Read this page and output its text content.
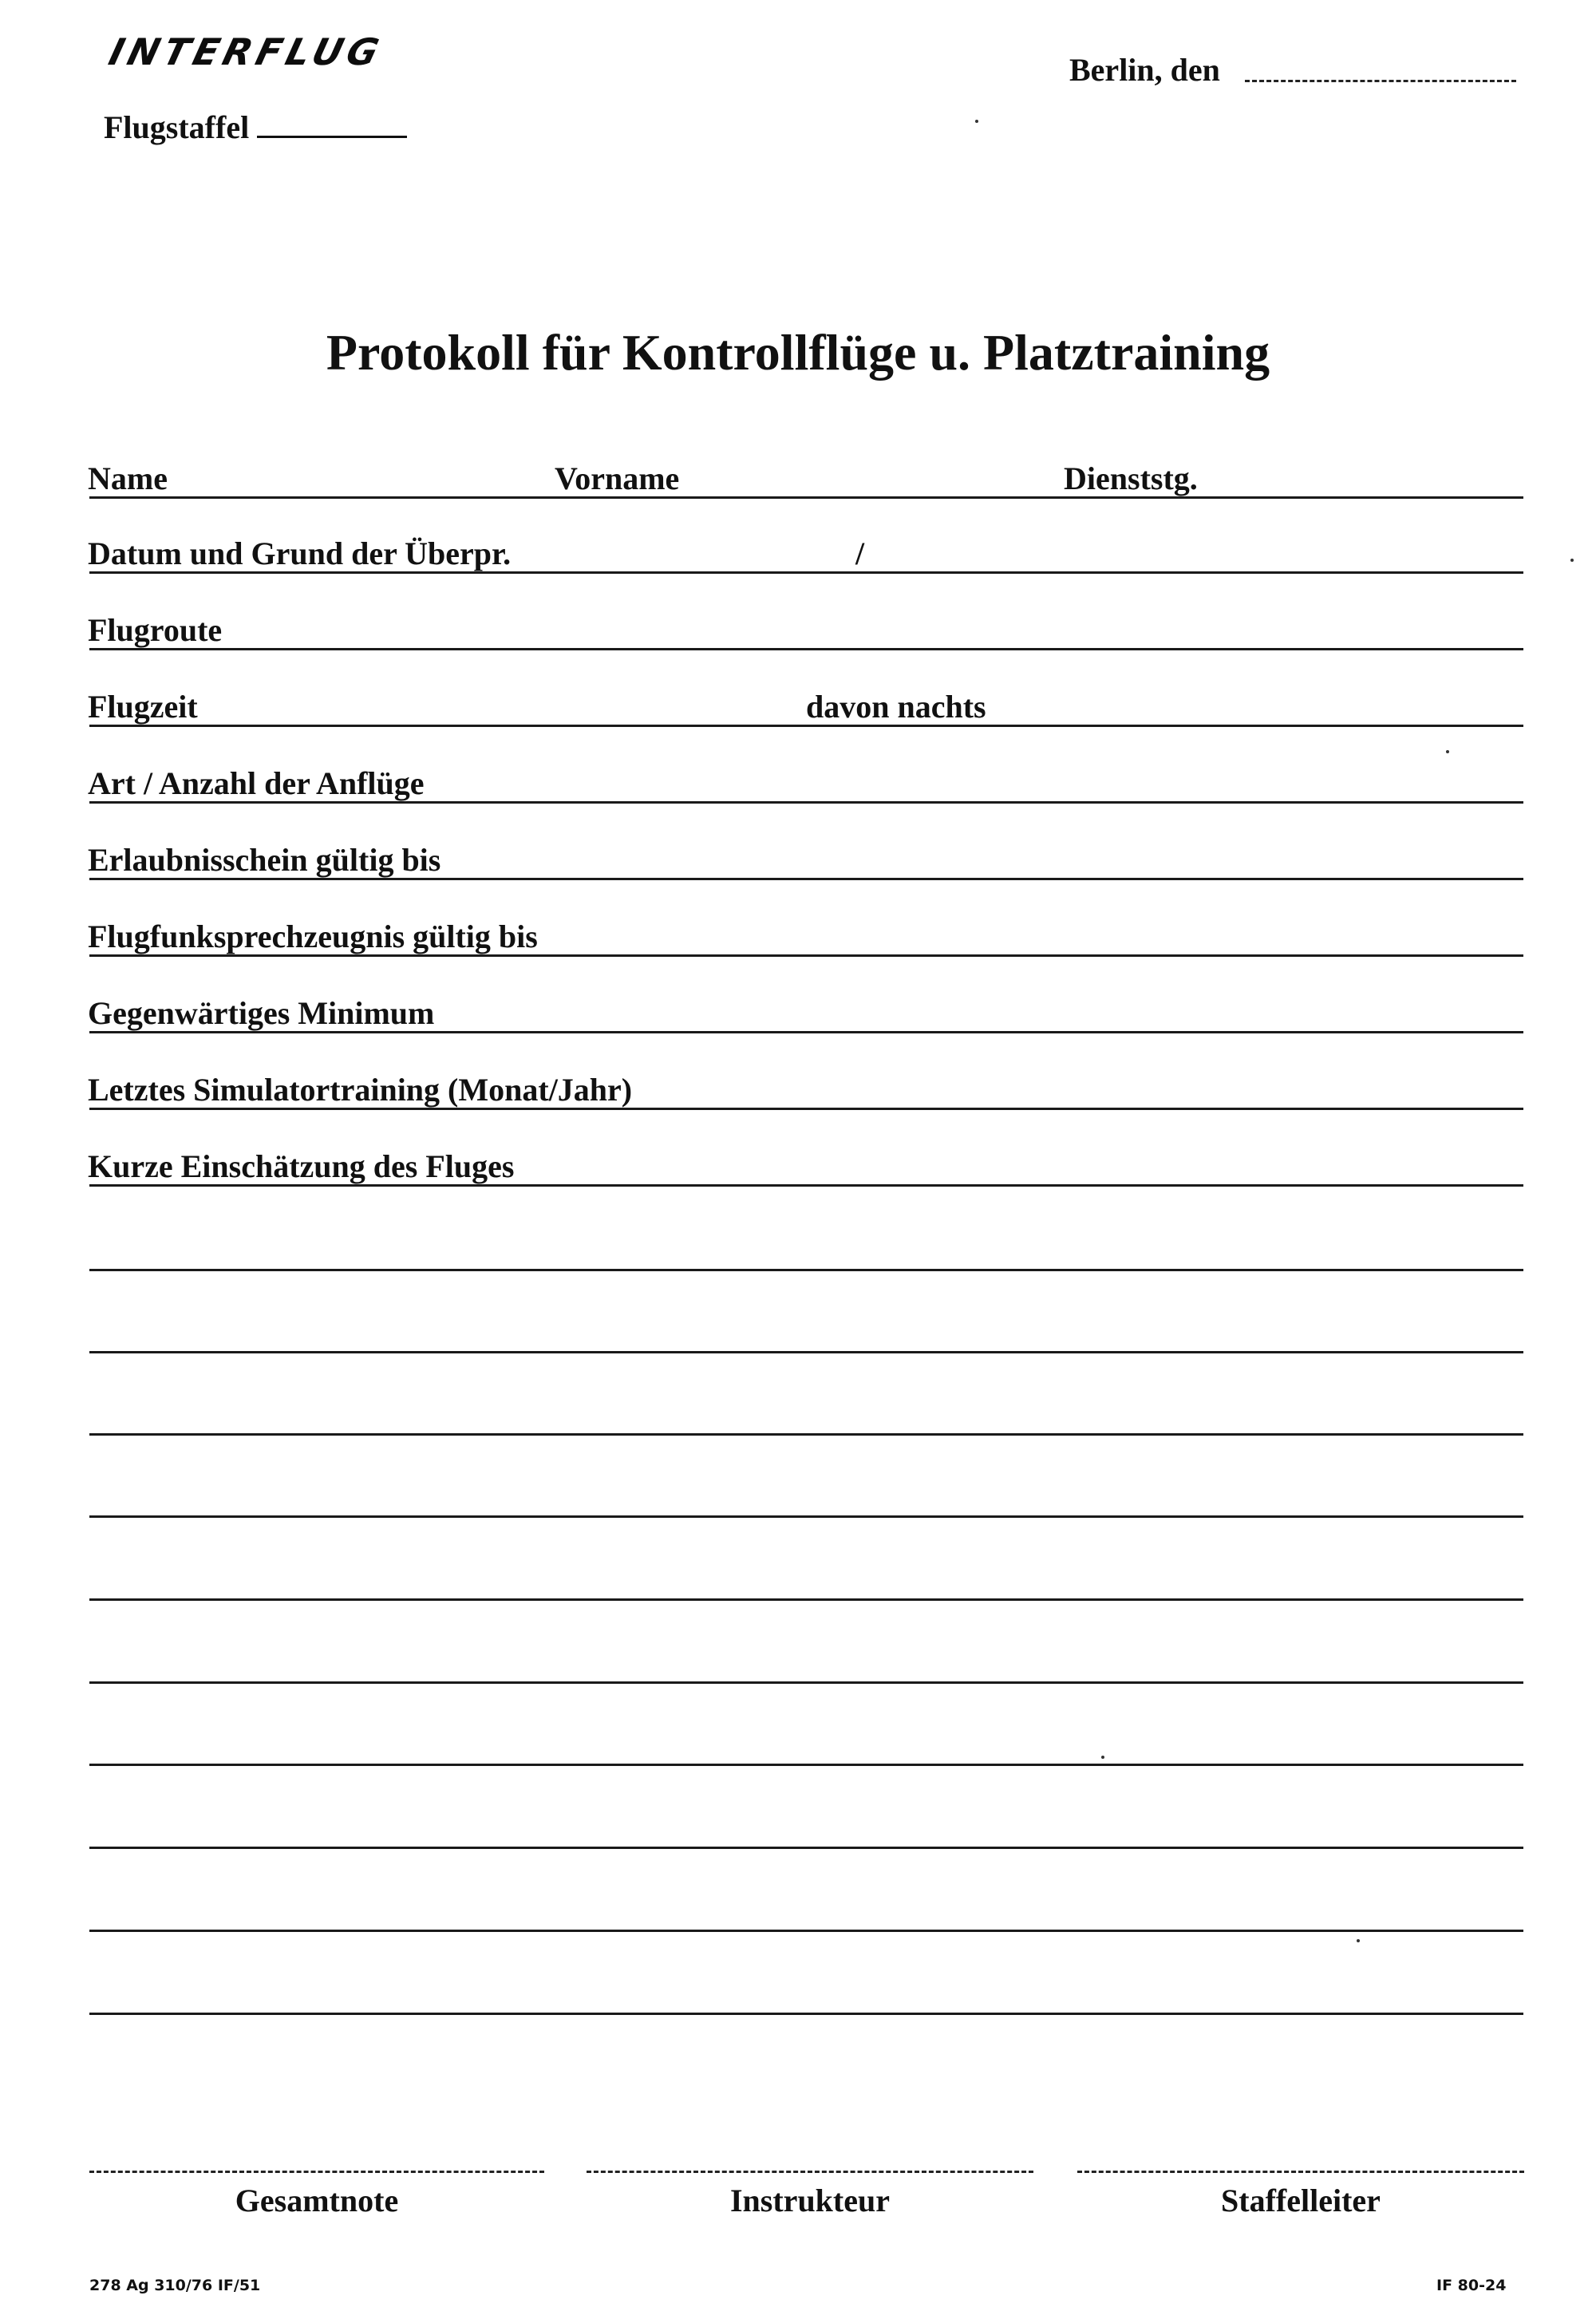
INTERFLUG	Berlin, den
Flugstaffel
Protokoll für Kontrollflüge u. Platztraining
Name	Vorname	Dienststg.
Datum und Grund der Überpr.	/
Flugroute
Flugzeit	davon nachts
Art / Anzahl der Anflüge
Erlaubnisschein gültig bis
Flugfunksprechzeugnis gültig bis
Gegenwärtiges Minimum
Letztes Simulatortraining (Monat/Jahr)
Kurze Einschätzung des Fluges
Gesamtnote	Instrukteur	Staffelleiter
278 Ag 310/76 IF/51	IF 80-24
